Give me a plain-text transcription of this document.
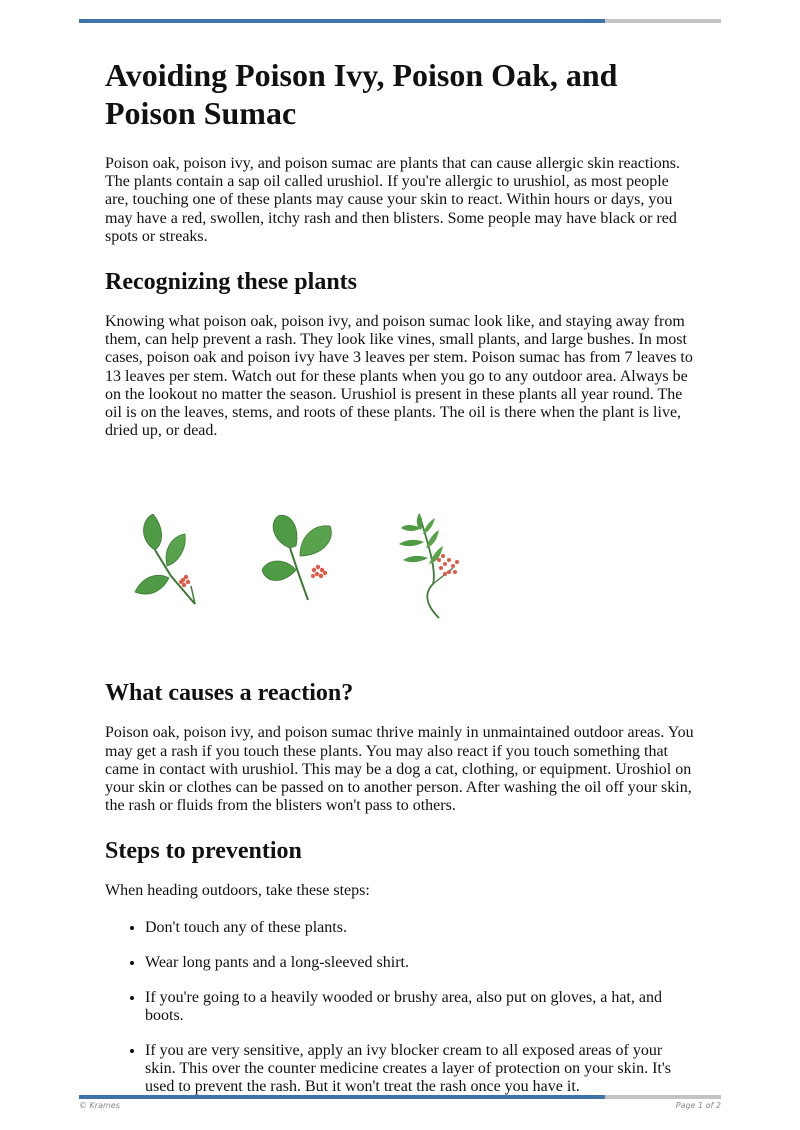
Avoiding Poison Ivy, Poison Oak, and Poison Sumac

Poison oak, poison ivy, and poison sumac are plants that can cause allergic skin reactions. The plants contain a sap oil called urushiol. If you're allergic to urushiol, as most people are, touching one of these plants may cause your skin to react. Within hours or days, you may have a red, swollen, itchy rash and then blisters. Some people may have black or red spots or streaks.

Recognizing these plants

Knowing what poison oak, poison ivy, and poison sumac look like, and staying away from them, can help prevent a rash. They look like vines, small plants, and large bushes. In most cases, poison oak and poison ivy have 3 leaves per stem. Poison sumac has from 7 leaves to 13 leaves per stem. Watch out for these plants when you go to any outdoor area. Always be on the lookout no matter the season. Urushiol is present in these plants all year round. The oil is on the leaves, stems, and roots of these plants. The oil is there when the plant is live, dried up, or dead.

What causes a reaction?

Poison oak, poison ivy, and poison sumac thrive mainly in unmaintained outdoor areas. You may get a rash if you touch these plants. You may also react if you touch something that came in contact with urushiol. This may be a dog a cat, clothing, or equipment. Uroshiol on your skin or clothes can be passed on to another person. After washing the oil off your skin, the rash or fluids from the blisters won't pass to others.

Steps to prevention

When heading outdoors, take these steps:

• Don't touch any of these plants.
• Wear long pants and a long-sleeved shirt.
• If you're going to a heavily wooded or brushy area, also put on gloves, a hat, and boots.
• If you are very sensitive, apply an ivy blocker cream to all exposed areas of your skin. This over the counter medicine creates a layer of protection on your skin. It's used to prevent the rash. But it won't treat the rash once you have it.
© Krames	Page 1 of 2
